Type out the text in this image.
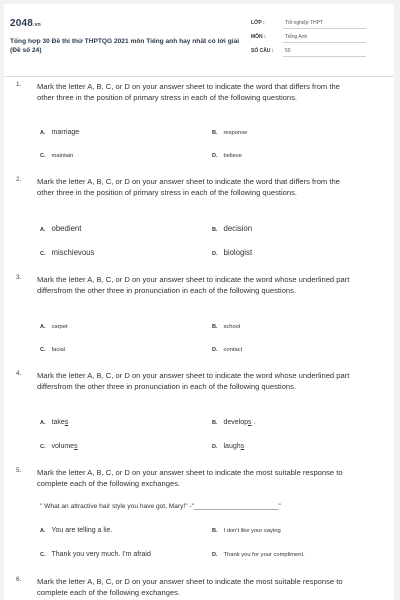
2048.vn
Tổng hợp 30 Đề thi thử THPTQG 2021 môn Tiếng anh hay nhất có lời giải (Đề số 24)
LỚP :	Tốt nghiệp THPT
MÔN :	Tiếng Anh
SỐ CÂU : 50
1. Mark the letter A, B, C, or D on your answer sheet to indicate the word that differs from the other three in the position of primary stress in each of the following questions.
A. marriage	B. response
C. maintain	D. believe
2. Mark the letter A, B, C, or D on your answer sheet to indicate the word that differs from the other three in the position of primary stress in each of the following questions.
A. obedient	B. decision
C. mischievous	D. biologist
3. Mark the letter A, B, C, or D on your answer sheet to indicate the word whose underlined part differsfrom the other three in pronunciation in each of the following questions.
A. carpet	B. school
C. facial	D. contact
4. Mark the letter A, B, C, or D on your answer sheet to indicate the word whose underlined part differsfrom the other three in pronunciation in each of the following questions.
A. takes	B. develops .
C. volumes	D. laughs
5. Mark the letter A, B, C, or D on your answer sheet to indicate the most suitable response to complete each of the following exchanges.
" What an attractive hair style you have got, Mary!" -"_______________________"
A. You are telling a lie.	B. I don't like your saying
C. Thank you very much. I'm afraid	D. Thank you for your compliment.
6. Mark the letter A, B, C, or D on your answer sheet to indicate the most suitable response to complete each of the following exchanges.
